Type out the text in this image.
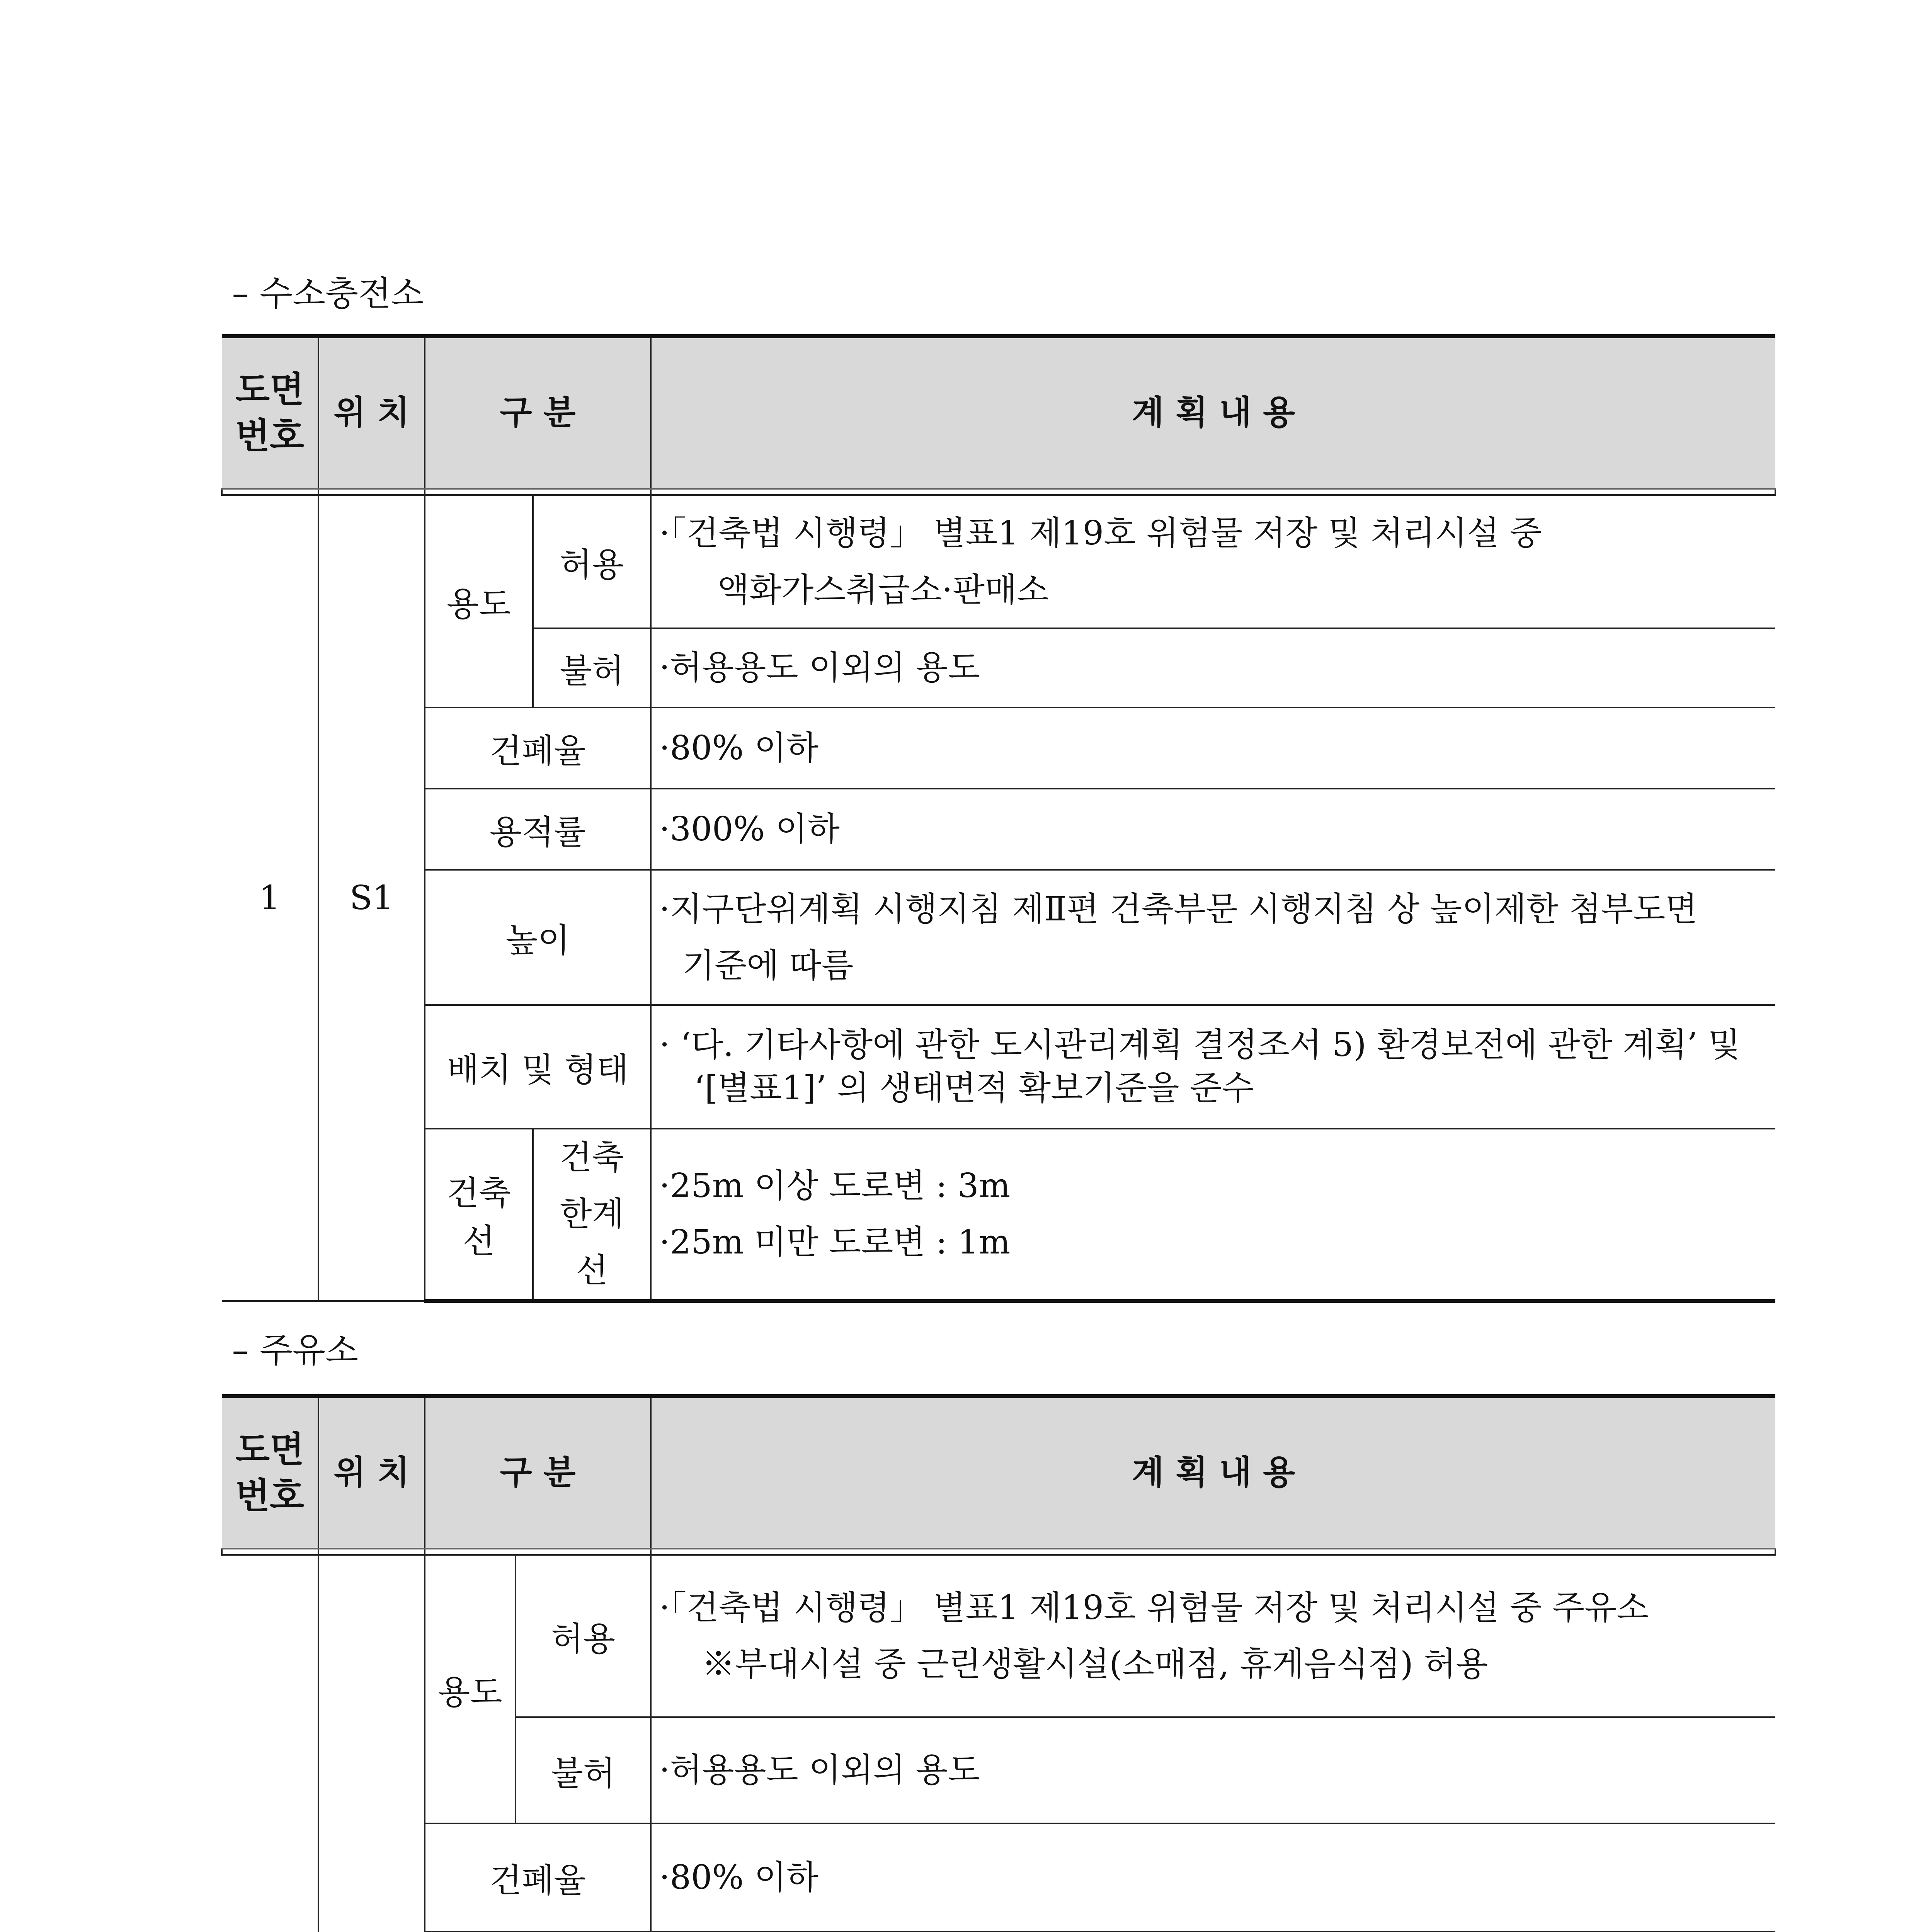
– 수소충전소
도면번호	위 치	구 분		계 획 내 용

1	S1	용도	허용	·「건축법 시행령」 별표1 제19호 위험물 저장 및 처리시설 중
액화가스취급소·판매소

			불허	·허용용도 이외의 용도
		건폐율		·80% 이하
		용적률		·300% 이하
		높이		·지구단위계획 시행지침 제Ⅱ편 건축부문 시행지침 상 높이제한 첨부도면
기준에 따름

		배치 및 형태		· ‘다. 기타사항에 관한 도시관리계획 결정조서 5) 환경보전에 관한 계획’ 및
‘[별표1]’ 의 생태면적 확보기준을 준수

		건축선	건축한계선	·25m 이상 도로변 : 3m
·25m 미만 도로변 : 1m
– 주유소
도면번호	위 치	구 분		계 획 내 용

		용도	허용	·「건축법 시행령」 별표1 제19호 위험물 저장 및 처리시설 중 주유소
※부대시설 중 근린생활시설(소매점, 휴게음식점) 허용

			불허	·허용용도 이외의 용도
		건폐율		·80% 이하
